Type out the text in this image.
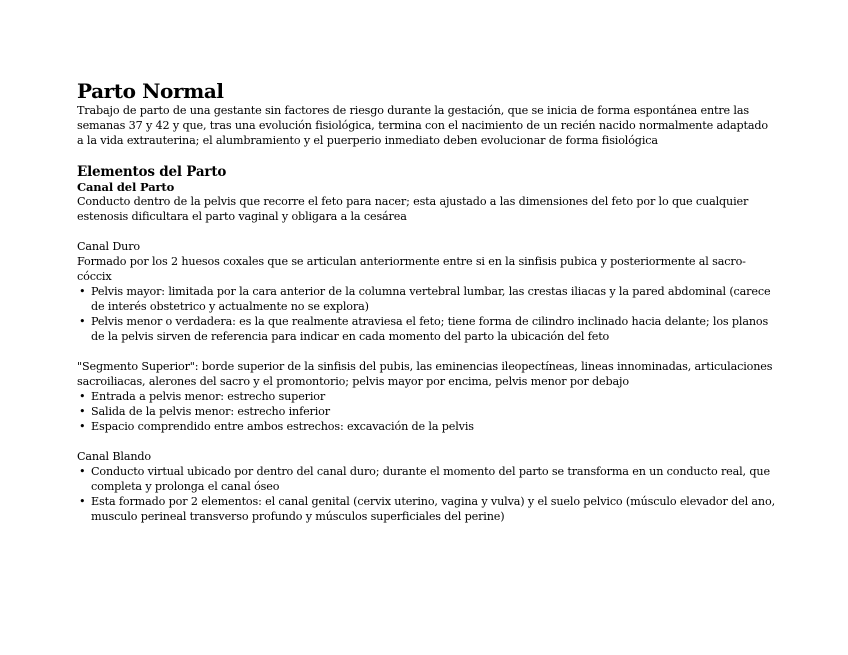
Parto Normal

Trabajo de parto de una gestante sin factores de riesgo durante la gestación, que se inicia de forma espontánea entre las semanas 37 y 42 y que, tras una evolución fisiológica, termina con el nacimiento de un recién nacido normalmente adaptado a la vida extrauterina; el alumbramiento y el puerperio inmediato deben evolucionar de forma fisiológica

Elementos del Parto
Canal del Parto

Conducto dentro de la pelvis que recorre el feto para nacer; esta ajustado a las dimensiones del feto por lo que cualquier estenosis dificultara el parto vaginal y obligara a la cesárea

Canal Duro

Formado por los 2 huesos coxales que se articulan anteriormente entre si en la sinfisis pubica y posteriormente al sacro-cóccix

• Pelvis mayor: limitada por la cara anterior de la columna vertebral lumbar, las crestas iliacas y la pared abdominal (carece de interés obstetrico y actualmente no se explora)
• Pelvis menor o verdadera: es la que realmente atraviesa el feto; tiene forma de cilindro inclinado hacia delante; los planos de la pelvis sirven de referencia para indicar en cada momento del parto la ubicación del feto

"Segmento Superior": borde superior de la sinfisis del pubis, las eminencias ileopectíneas, lineas innominadas, articulaciones sacroiliacas, alerones del sacro y el promontorio; pelvis mayor por encima, pelvis menor por debajo

• Entrada a pelvis menor: estrecho superior
• Salida de la pelvis menor: estrecho inferior
• Espacio comprendido entre ambos estrechos: excavación de la pelvis

Canal Blando

• Conducto virtual ubicado por dentro del canal duro; durante el momento del parto se transforma en un conducto real, que completa y prolonga el canal óseo
• Esta formado por 2 elementos: el canal genital (cervix uterino, vagina y vulva) y el suelo pelvico (músculo elevador del ano, musculo perineal transverso profundo y músculos superficiales del perine)
